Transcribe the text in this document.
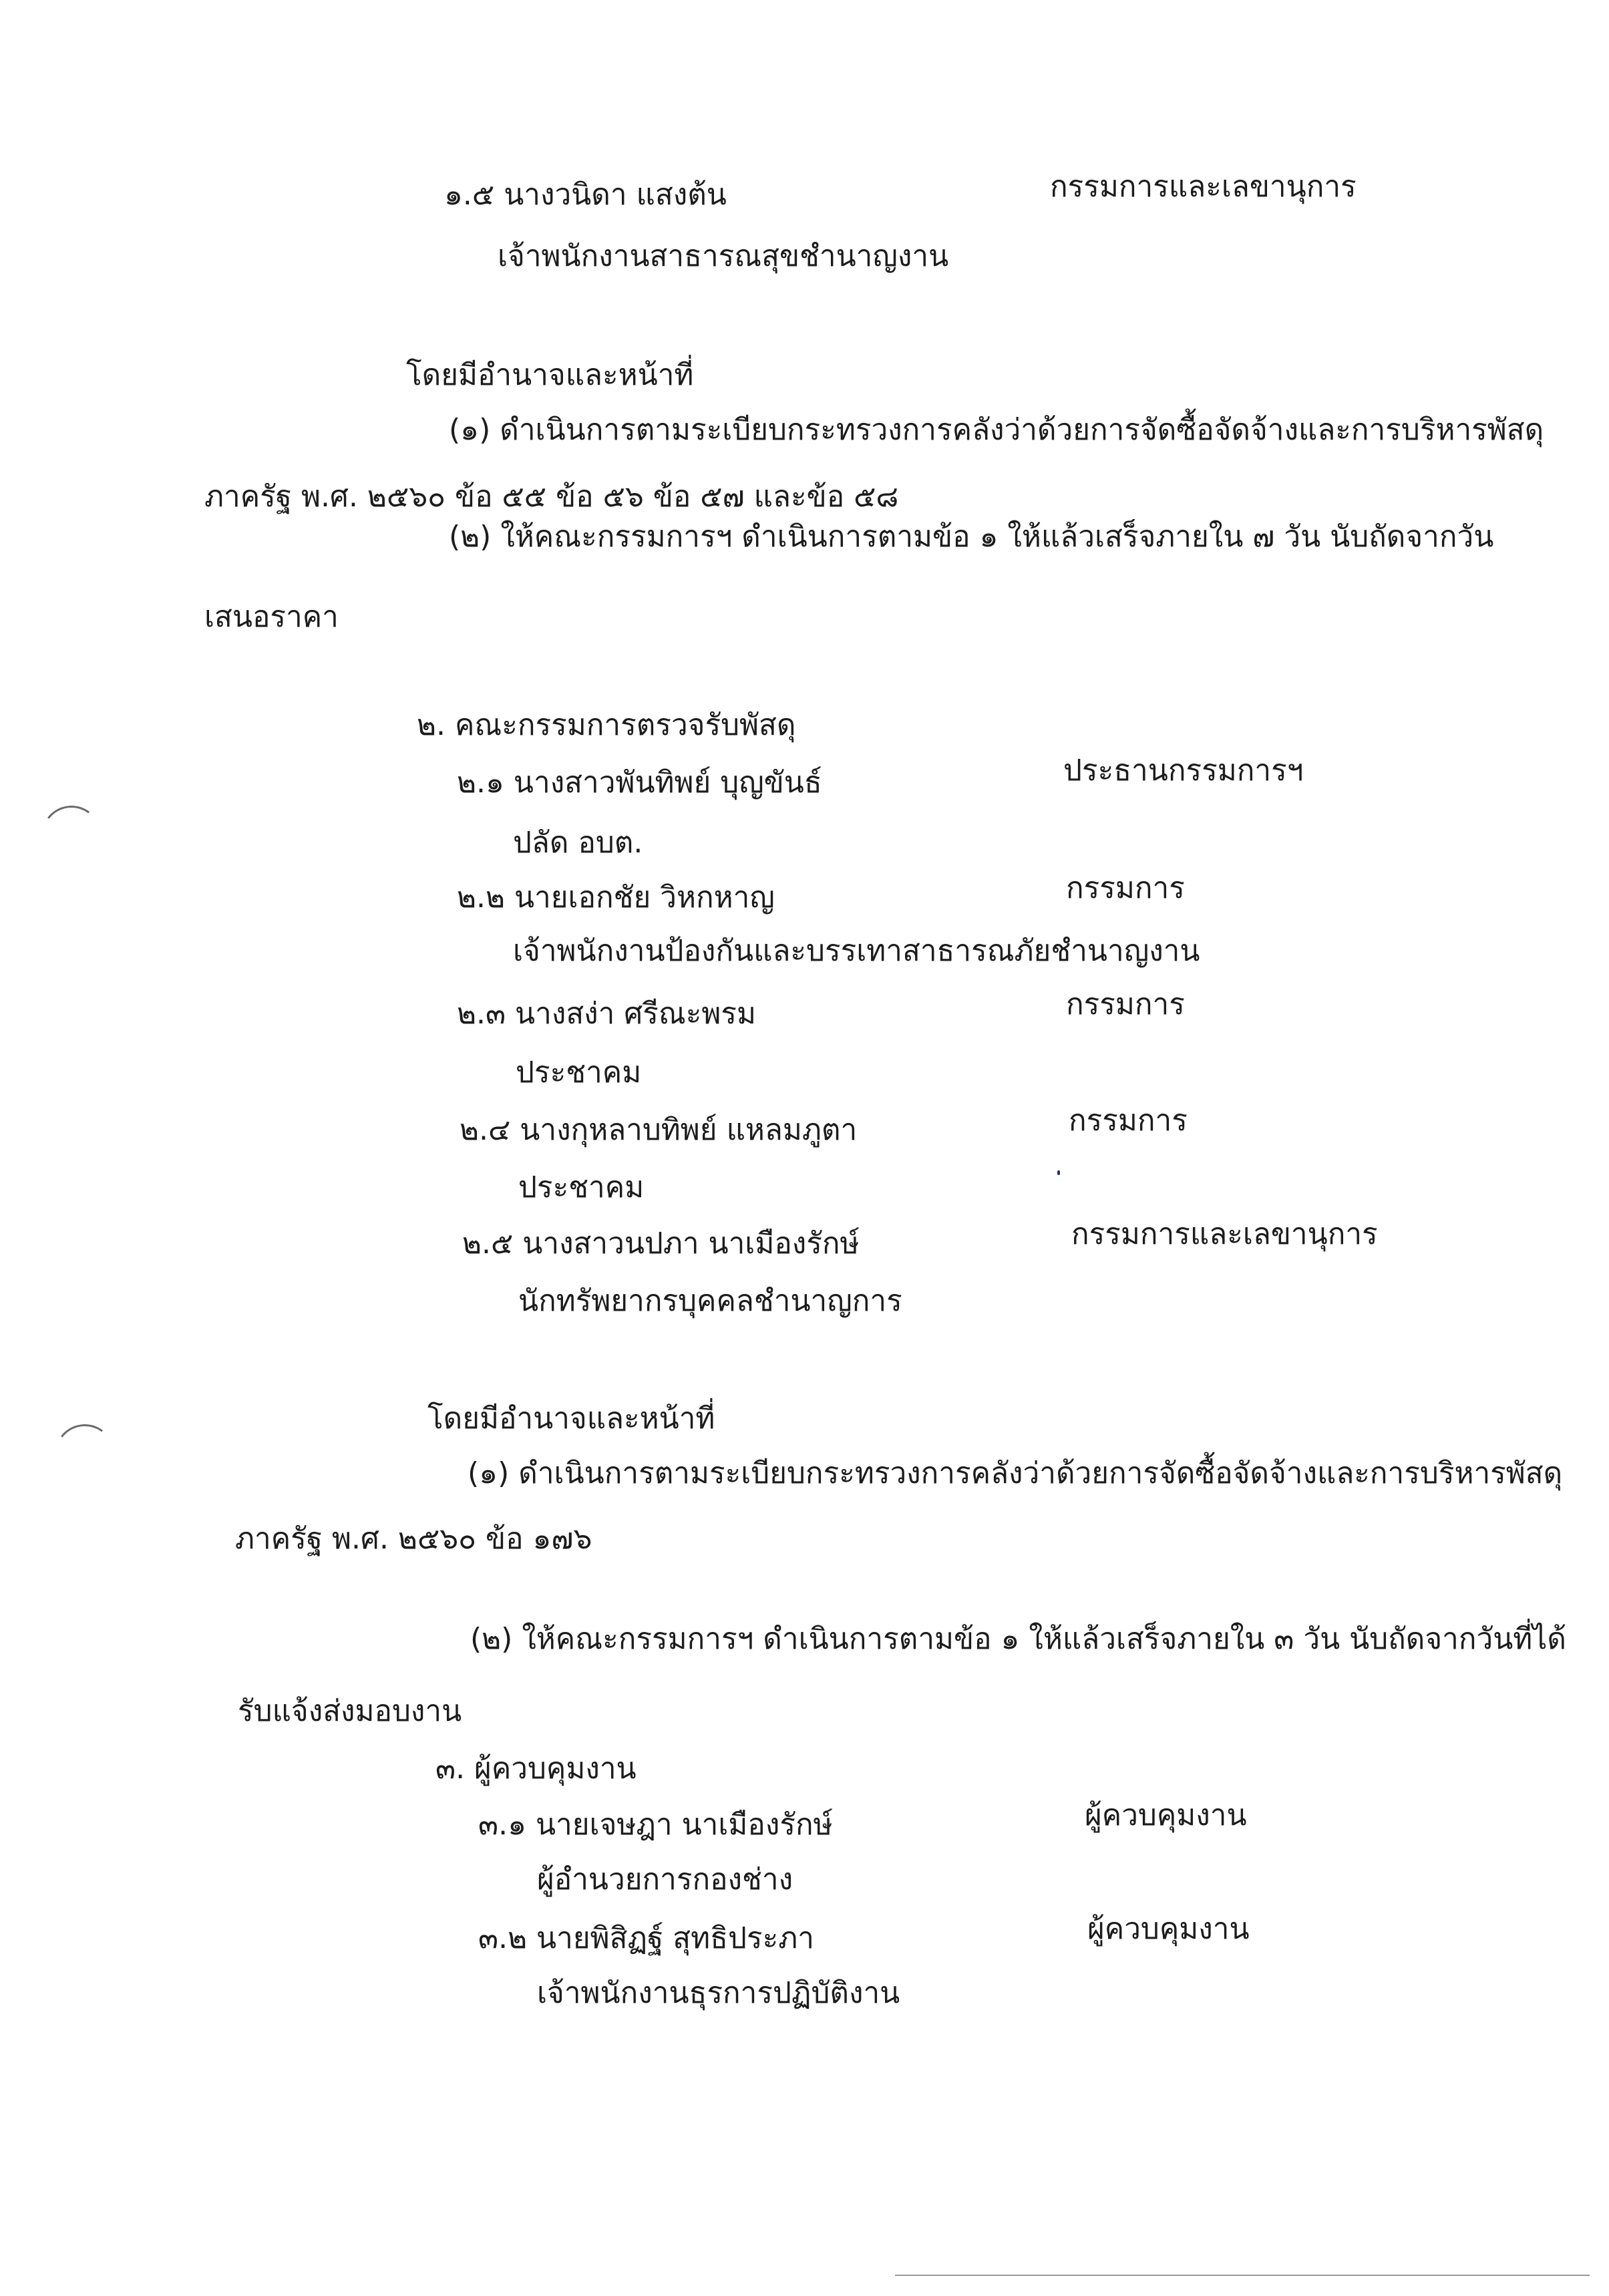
๑.๕ นางวนิดา แสงต้น	กรรมการและเลขานุการ
เจ้าพนักงานสาธารณสุขชำนาญงาน
โดยมีอำนาจและหน้าที่
(๑) ดำเนินการตามระเบียบกระทรวงการคลังว่าด้วยการจัดซื้อจัดจ้างและการบริหารพัสดุ
ภาครัฐ พ.ศ. ๒๕๖๐ ข้อ ๕๕ ข้อ ๕๖ ข้อ ๕๗ และข้อ ๕๘
(๒) ให้คณะกรรมการฯ ดำเนินการตามข้อ ๑ ให้แล้วเสร็จภายใน ๗ วัน นับถัดจากวัน
เสนอราคา
๒. คณะกรรมการตรวจรับพัสดุ
๒.๑ นางสาวพันทิพย์ บุญขันธ์	ประธานกรรมการฯ
ปลัด อบต.
๒.๒ นายเอกชัย วิหกหาญ	กรรมการ
เจ้าพนักงานป้องกันและบรรเทาสาธารณภัยชำนาญงาน
๒.๓ นางสง่า ศรีณะพรม	กรรมการ
ประชาคม
๒.๔ นางกุหลาบทิพย์ แหลมภูตา	กรรมการ
ประชาคม
๒.๕ นางสาวนปภา นาเมืองรักษ์	กรรมการและเลขานุการ
นักทรัพยากรบุคคลชำนาญการ
โดยมีอำนาจและหน้าที่
(๑) ดำเนินการตามระเบียบกระทรวงการคลังว่าด้วยการจัดซื้อจัดจ้างและการบริหารพัสดุ
ภาครัฐ พ.ศ. ๒๕๖๐ ข้อ ๑๗๖
(๒) ให้คณะกรรมการฯ ดำเนินการตามข้อ ๑ ให้แล้วเสร็จภายใน ๓ วัน นับถัดจากวันที่ได้
รับแจ้งส่งมอบงาน
๓. ผู้ควบคุมงาน
๓.๑ นายเจษฎา นาเมืองรักษ์	ผู้ควบคุมงาน
ผู้อำนวยการกองช่าง
๓.๒ นายพิสิฏฐ์ สุทธิประภา	ผู้ควบคุมงาน
เจ้าพนักงานธุรการปฏิบัติงาน
